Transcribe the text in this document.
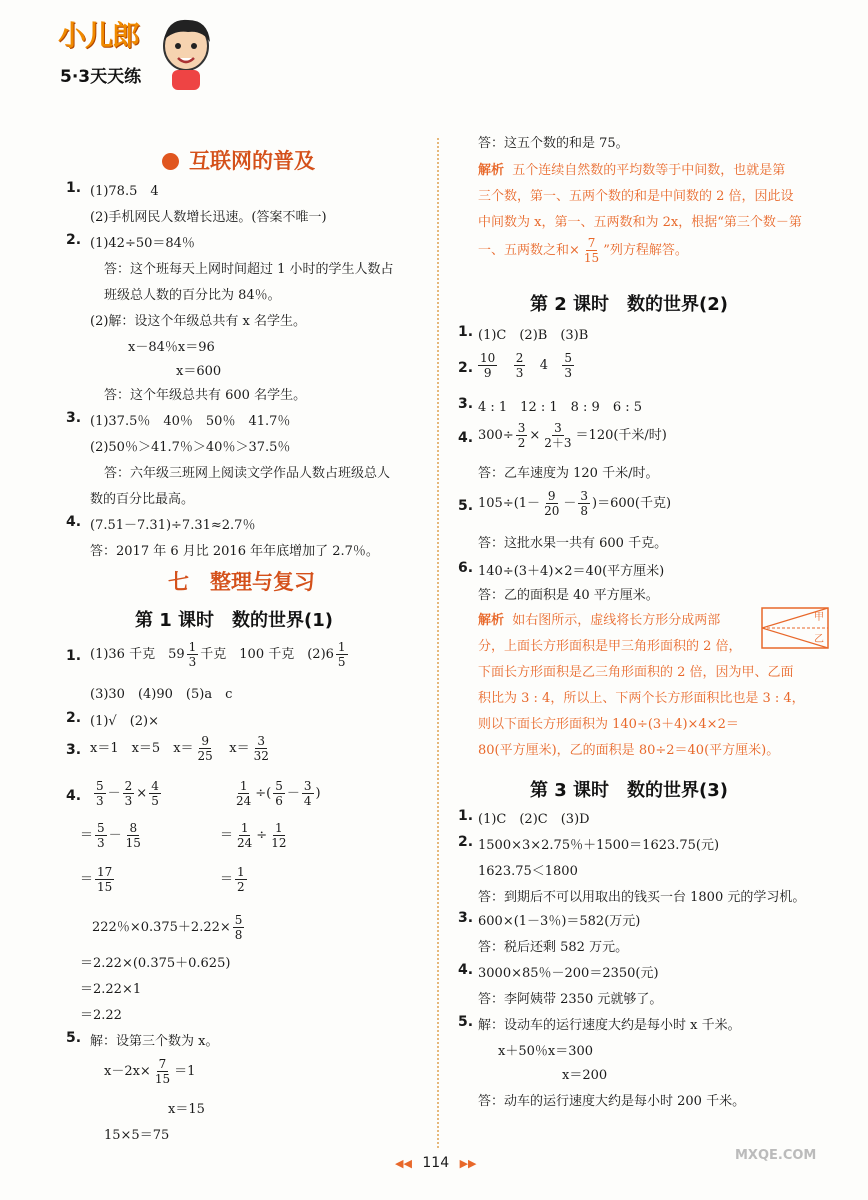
小儿郎
5·3天天练
互联网的普及
1. (1)78.5　4
(2)手机网民人数增长迅速。(答案不唯一)
2. (1)42÷50＝84％
答：这个班每天上网时间超过 1 小时的学生人数占
班级总人数的百分比为 84％。
(2)解：设这个年级总共有 x 名学生。
x－84％x＝96
x＝600
答：这个年级总共有 600 名学生。
3. (1)37.5％　40％　50％　41.7％
(2)50％＞41.7％＞40％＞37.5％
答：六年级三班网上阅读文学作品人数占班级总人
数的百分比最高。
4. (7.51－7.31)÷7.31≈2.7％
答：2017 年 6 月比 2016 年年底增加了 2.7％。
七　整理与复习
第 1 课时　数的世界(1)
1. (1)36 千克　$59 \frac{1}{3}$ 千克　100 千克　$(2)6 \frac{1}{5}$
(3)30　(4)90　(5)a　c
2. (1)√　(2)×
3. x＝1　x＝5　$x= \frac{9}{25} x= \frac{3}{32}$
4. $\frac{5}{3} - \frac{2}{3} \times \frac{4}{5}$	$\frac{1}{24}$ ÷( $\frac{5}{6} - \frac{3}{4}$ )
＝ $\frac{5}{3} - \frac{8}{15}$	＝ $\frac{1}{24} \div \frac{1}{12}$
＝ $\frac{17}{15}$	＝ $\frac{1}{2}$
222％$\times 0.375+2.22\times \frac{5}{8}$
＝2.22×(0.375＋0.625)
＝2.22×1
＝2.22
5. 解：设第三个数为 x。
$x-2x\times \frac{7}{15} =1$
x＝15
15×5＝75
答：这五个数的和是 75。
解析 五个连续自然数的平均数等于中间数，也就是第
三个数，第一、五两个数的和是中间数的 2 倍，因此设
中间数为 x，第一、五两数和为 2x，根据“第三个数－第
一、五两数之和× $\frac{7}{15}$ ”列方程解答。
第 2 课时　数的世界(2)
1. (1)C　(2)B　(3)B
2. $\frac{10}{9}$
$\frac{2}{3} 4 \frac{5}{3}$
3. 4 : 1　12 : 1　8 : 9　6 : 5
4. $300\div \frac{3}{2} \times \frac{3}{2+3} =120$(千米/时)
答：乙车速度为 120 千米/时。
5. $105\div(1- \frac{9}{20} - \frac{3}{8} )=600$(千克)
答：这批水果一共有 600 千克。
6. 140÷(3＋4)×2＝40(平方厘米)
答：乙的面积是 40 平方厘米。
解析 如右图所示，虚线将长方形分成两部
分，上面长方形面积是甲三角形面积的 2 倍，
下面长方形面积是乙三角形面积的 2 倍，因为甲、乙面
积比为 3 : 4，所以上、下两个长方形面积比也是 3 : 4，
则以下面长方形面积为 140÷(3＋4)×4×2＝
80(平方厘米)，乙的面积是 80÷2＝40(平方厘米)。
甲
乙
第 3 课时　数的世界(3)
1. (1)C　(2)C　(3)D
2. 1500×3×2.75％＋1500＝1623.75(元)
1623.75＜1800
答：到期后不可以用取出的钱买一台 1800 元的学习机。
3. 600×(1－3％)＝582(万元)
答：税后还剩 582 万元。
4. 3000×85％－200＝2350(元)
答：李阿姨带 2350 元就够了。
5. 解：设动车的运行速度大约是每小时 x 千米。
x＋50％x＝300
x＝200
答：动车的运行速度大约是每小时 200 千米。
◀◀ 114 ▶▶
MXQE.COM
